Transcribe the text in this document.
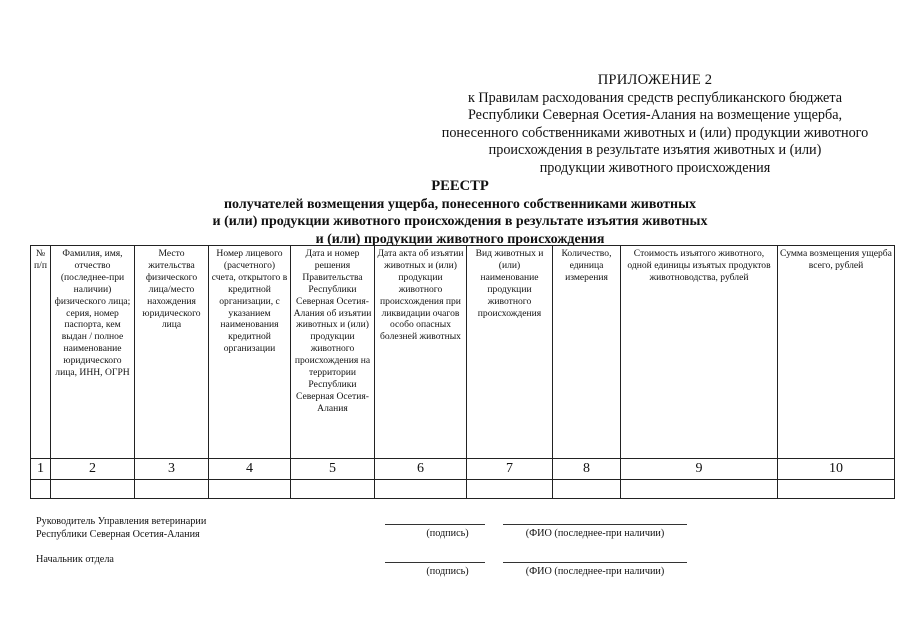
ПРИЛОЖЕНИЕ 2
к Правилам расходования средств республиканского бюджета
Республики Северная Осетия-Алания на возмещение ущерба,
понесенного собственниками животных и (или) продукции животного
происхождения в результате изъятия животных и (или)
продукции животного происхождения
РЕЕСТР
получателей возмещения ущерба, понесенного собственниками животных
и (или) продукции животного происхождения в результате изъятия животных
и (или) продукции животного происхождения
№ п/п	Фамилия, имя, отчество (последнее-при наличии) физического лица; серия, номер паспорта, кем выдан / полное наименование юридического лица, ИНН, ОГРН	Место жительства физического лица/место нахождения юридического лица	Номер лицевого (расчетного) счета, открытого в кредитной организации, с указанием наименования кредитной организации	Дата и номер решения Правительства Республики Северная Осетия-Алания об изъятии животных и (или) продукции животного происхождения на территории Республики Северная Осетия-Алания	Дата акта об изъятии животных и (или) продукции животного происхождения при ликвидации очагов особо опасных болезней животных	Вид животных и (или) наименование продукции животного происхождения	Количество, единица измерения	Стоимость изъятого животного, одной единицы изъятых продуктов животноводства, рублей	Сумма возмещения ущерба всего, рублей
1	2	3	4	5	6	7	8	9	10

Руководитель Управления ветеринарии
Республики Северная Осетия-Алания	(подпись)	(ФИО (последнее-при наличии)
Начальник отдела
(подпись)	(ФИО (последнее-при наличии)
